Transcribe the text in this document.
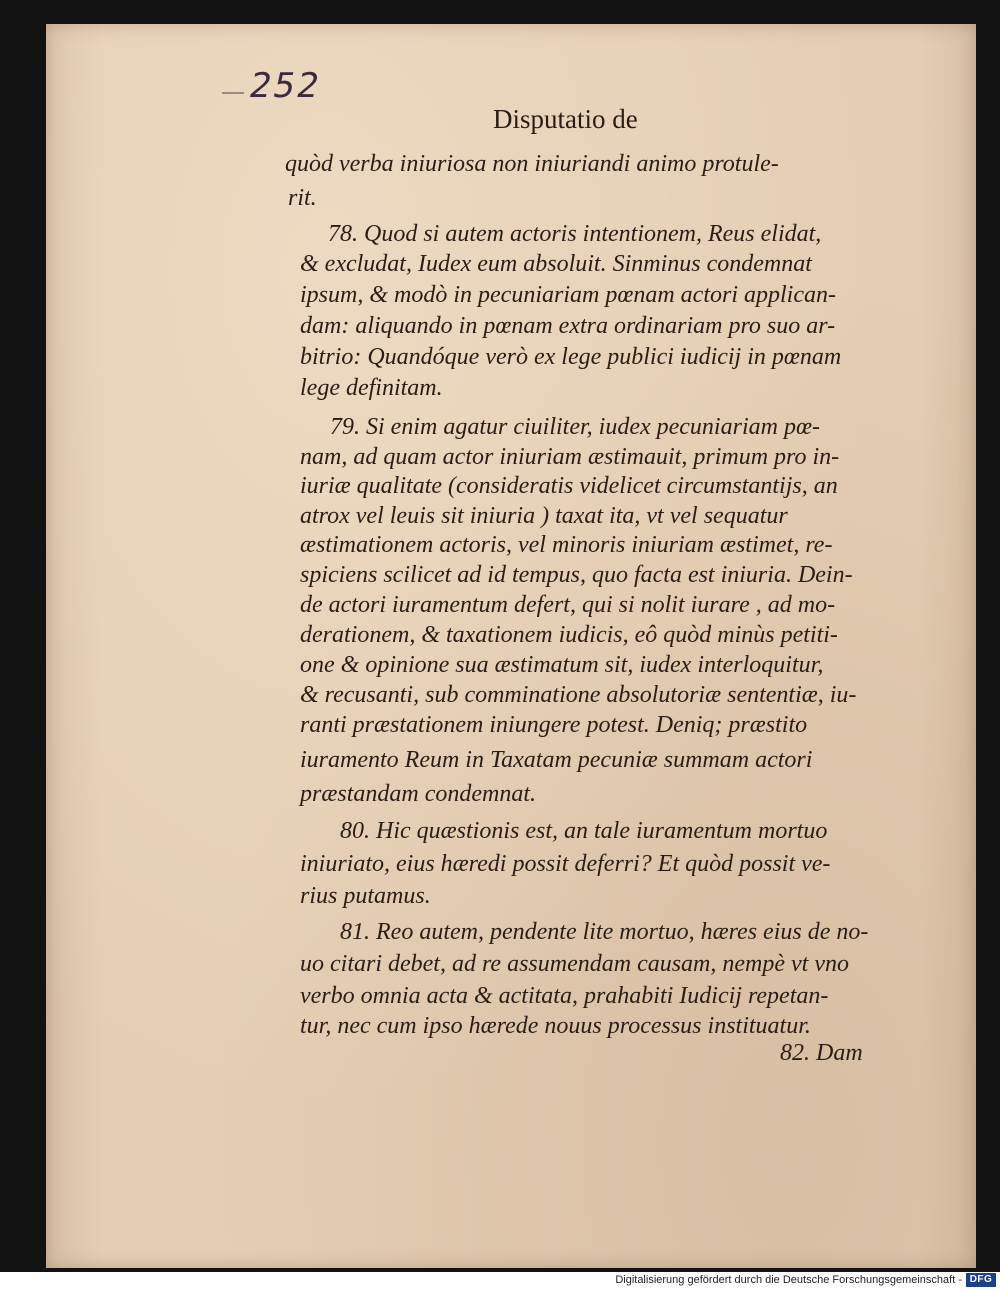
252
Disputatio de
quòd verba iniuriosa non iniuriandi animo protule-
rit.
78. Quod si autem actoris intentionem, Reus elidat,
& excludat, Iudex eum absoluit. Sinminus condemnat
ipsum, & modò in pecuniariam pœnam actori applican-
dam: aliquando in pœnam extra ordinariam pro suo ar-
bitrio: Quandóque verò ex lege publici iudicij in pœnam
lege definitam.
79. Si enim agatur ciuiliter, iudex pecuniariam pœ-
nam, ad quam actor iniuriam æstimauit, primum pro in-
iuriæ qualitate (consideratis videlicet circumstantijs, an
atrox vel leuis sit iniuria ) taxat ita, vt vel sequatur
æstimationem actoris, vel minoris iniuriam æstimet, re-
spiciens scilicet ad id tempus, quo facta est iniuria. Dein-
de actori iuramentum defert, qui si nolit iurare , ad mo-
derationem, & taxationem iudicis, eô quòd minùs petiti-
one & opinione sua æstimatum sit, iudex interloquitur,
& recusanti, sub comminatione absolutoriæ sententiæ, iu-
ranti præstationem iniungere potest. Deniq; præstito
iuramento Reum in Taxatam pecuniæ summam actori
præstandam condemnat.
80. Hic quæstionis est, an tale iuramentum mortuo
iniuriato, eius hæredi possit deferri? Et quòd possit ve-
rius putamus.
81. Reo autem, pendente lite mortuo, hæres eius de no-
uo citari debet, ad re assumendam causam, nempè vt vno
verbo omnia acta & actitata, prahabiti Iudicij repetan-
tur, nec cum ipso hærede nouus processus instituatur.
82. Dam
Digitalisierung gefördert durch die Deutsche Forschungsgemeinschaft - DFG
